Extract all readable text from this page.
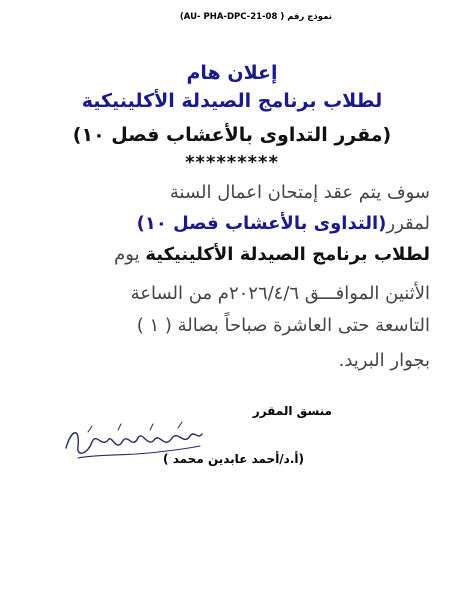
نموذج رقم ( AU- PHA-DPC-21-08)
إعلان هام
لطلاب برنامج الصيدلة الأكلينيكية
(مقرر التداوى بالأعشاب فصل ١٠)
*********
سوف يتم عقد إمتحان اعمال السنة
لمقرر(التداوى بالأعشاب فصل ١٠)
لطلاب برنامج الصيدلة الأكلينيكية يوم
الأثنين الموافـــق ٢٠٢٦/٤/٦م من الساعة
التاسعة حتى العاشرة صباحاً بصالة ( ١ )
بجوار البريد.
منسق المقرر
(أ.د/أحمد عابدين محمد )
